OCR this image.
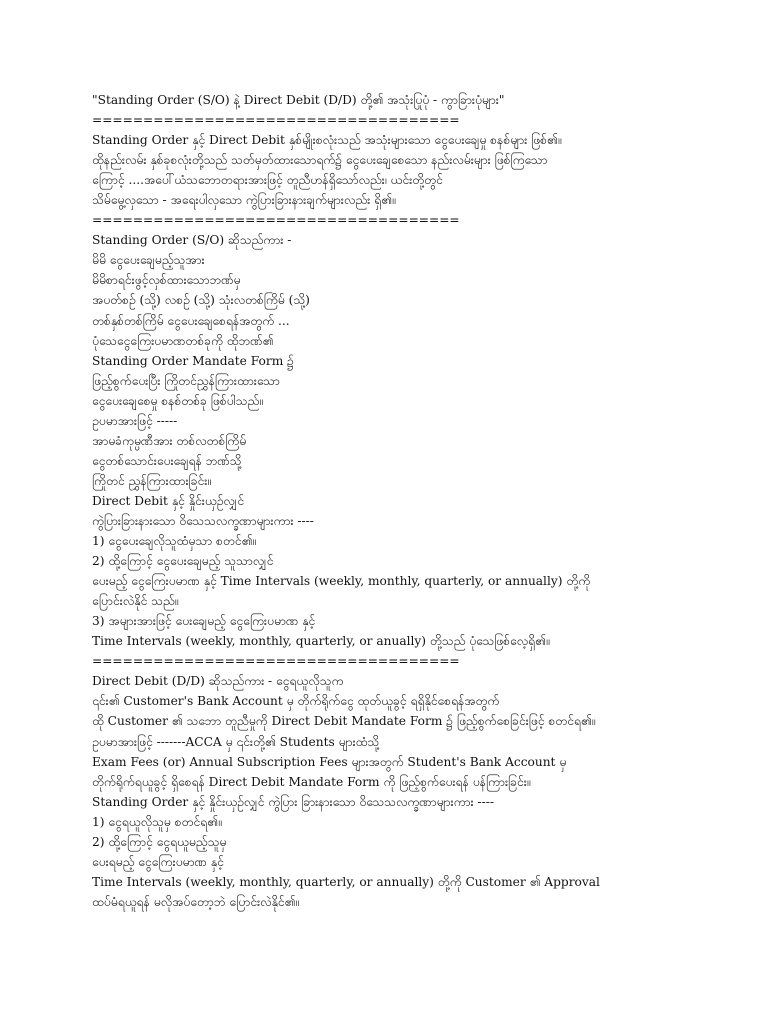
"Standing Order (S/O) နဲ့ Direct Debit (D/D) တို့၏ အသုံးပြုပုံ - ကွာခြားပုံများ"
====================================
Standing Order နှင့် Direct Debit နှစ်မျိုးစလုံးသည် အသုံးများသော ငွေပေးချေမှု စနစ်များ ဖြစ်၏။
ထိုနည်းလမ်း နှစ်ခုစလုံးတို့သည် သတ်မှတ်ထားသောရက်၌ ငွေပေးချေစေသော နည်းလမ်းများ ဖြစ်ကြသော
ကြောင့် ....အပေါ်ယံသဘောတရားအားဖြင့် တူညီဟန်ရှိသော်လည်း၊ ယင်းတို့တွင်
သိမ်မွေ့လှသော - အရေးပါလှသော ကွဲပြားခြားနားချက်များလည်း ရှိ၏။
====================================
Standing Order (S/O) ဆိုသည်ကား -
မိမိ ငွေပေးချေမည့်သူအား
မိမိစာရင်းဖွင့်လှစ်ထားသောဘဏ်မှ
အပတ်စဉ် (သို့) လစဉ် (သို့) သုံးလတစ်ကြိမ် (သို့)
တစ်နှစ်တစ်ကြိမ် ငွေပေးချေစေရန်အတွက် ...
ပုံသေငွေကြေးပမာဏတစ်ခုကို ထိုဘဏ်၏
Standing Order Mandate Form ၌
ဖြည့်စွက်ပေးပြီး ကြိုတင်ညွှန်ကြားထားသော
ငွေပေးချေစေမှု စနစ်တစ်ခု ဖြစ်ပါသည်။
ဥပမာအားဖြင့် -----
အာမခံကုမ္ပဏီအား တစ်လတစ်ကြိမ်
ငွေတစ်သောင်းပေးချေရန် ဘဏ်သို့
ကြိုတင် ညွှန်ကြားထားခြင်း။
Direct Debit နှင့် နှိုင်းယှဉ်လျှင်
ကွဲပြားခြားနားသော ဝိသေသလက္ခဏာများကား ----
1) ငွေပေးချေလိုသူထံမှသာ စတင်၏။
2) ထို့ကြောင့် ငွေပေးချေမည့် သူသာလျှင်
ပေးမည့် ငွေကြေးပမာဏ နှင့် Time Intervals (weekly, monthly, quarterly, or annually) တို့ကို
ပြောင်းလဲနိုင် သည်။
3) အများအားဖြင့် ပေးချေမည့် ငွေကြေးပမာဏ နှင့်
Time Intervals (weekly, monthly, quarterly, or anually) တို့သည် ပုံသေဖြစ်လေ့ရှိ၏။
====================================
Direct Debit (D/D) ဆိုသည်ကား - ငွေရယူလိုသူက
၎င်း၏ Customer's Bank Account မှ တိုက်ရိုက်ငွေ ထုတ်ယူခွင့် ရရှိနိုင်စေရန်အတွက်
ထို Customer ၏ သဘော တူညီမှုကို Direct Debit Mandate Form ၌ ဖြည့်စွက်စေခြင်းဖြင့် စတင်ရ၏။
ဥပမာအားဖြင့် -------ACCA မှ ၎င်းတို့၏ Students များထံသို့
Exam Fees (or) Annual Subscription Fees များအတွက် Student's Bank Account မှ
တိုက်ရိုက်ရယူခွင့် ရှိစေရန် Direct Debit Mandate Form ကို ဖြည့်စွက်ပေးရန် ပန်ကြားခြင်း။
Standing Order နှင့် နှိုင်းယှဉ်လျှင် ကွဲပြား ခြားနားသော ဝိသေသလက္ခဏာများကား ----
1) ငွေရယူလိုသူမှ စတင်ရ၏။
2) ထို့ကြောင့် ငွေရယူမည့်သူမှ
ပေးရမည့် ငွေကြေးပမာဏ နှင့်
Time Intervals (weekly, monthly, quarterly, or annually) တို့ကို Customer ၏ Approval
ထပ်မံရယူရန် မလိုအပ်တော့ဘဲ ပြောင်းလဲနိုင်၏။
